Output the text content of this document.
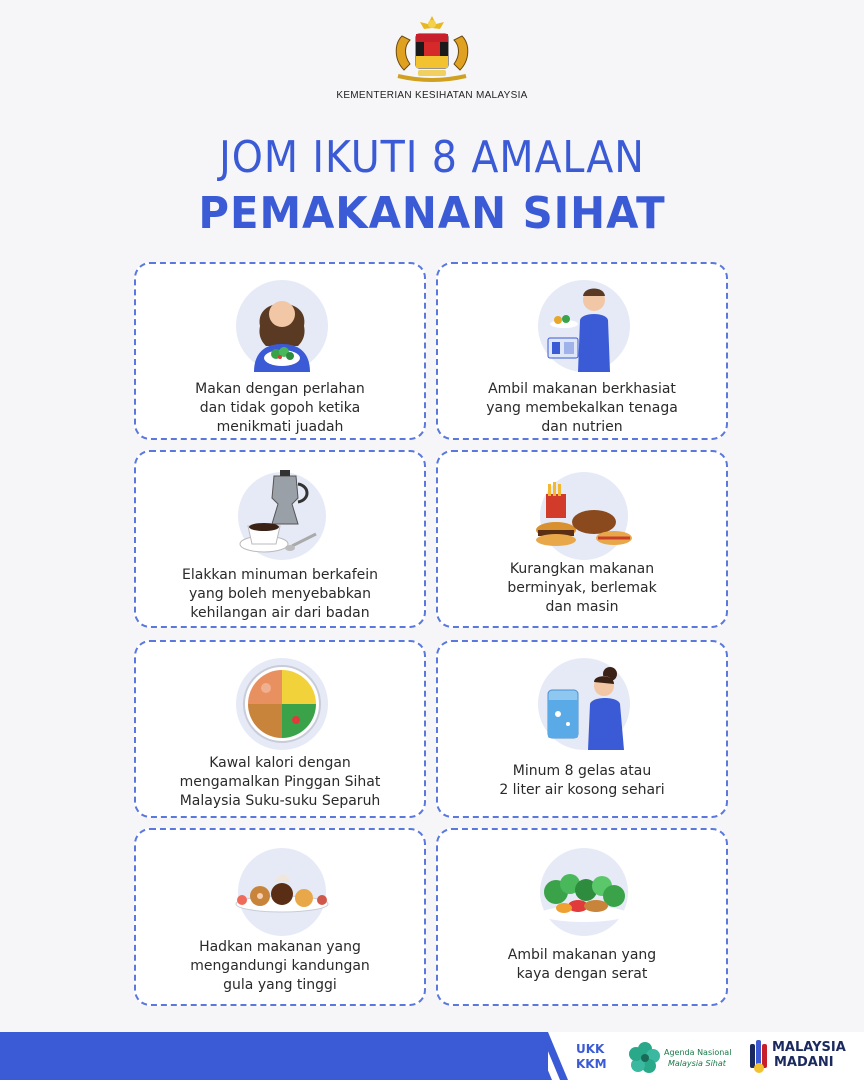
KEMENTERIAN KESIHATAN MALAYSIA
JOM IKUTI 8 AMALAN
PEMAKANAN SIHAT
Makan dengan perlahan
dan tidak gopoh ketika
menikmati juadah
Ambil makanan berkhasiat
yang membekalkan tenaga
dan nutrien
Elakkan minuman berkafein
yang boleh menyebabkan
kehilangan air dari badan
Kurangkan makanan
berminyak, berlemak
dan masin
Kawal kalori dengan
mengamalkan Pinggan Sihat
Malaysia Suku-suku Separuh
Minum 8 gelas atau
2 liter air kosong sehari
Hadkan makanan yang
mengandungi kandungan
gula yang tinggi
Ambil makanan yang
kaya dengan serat
UKK
KKM
Agenda Nasional
Malaysia Sihat
MALAYSIA
MADANI
